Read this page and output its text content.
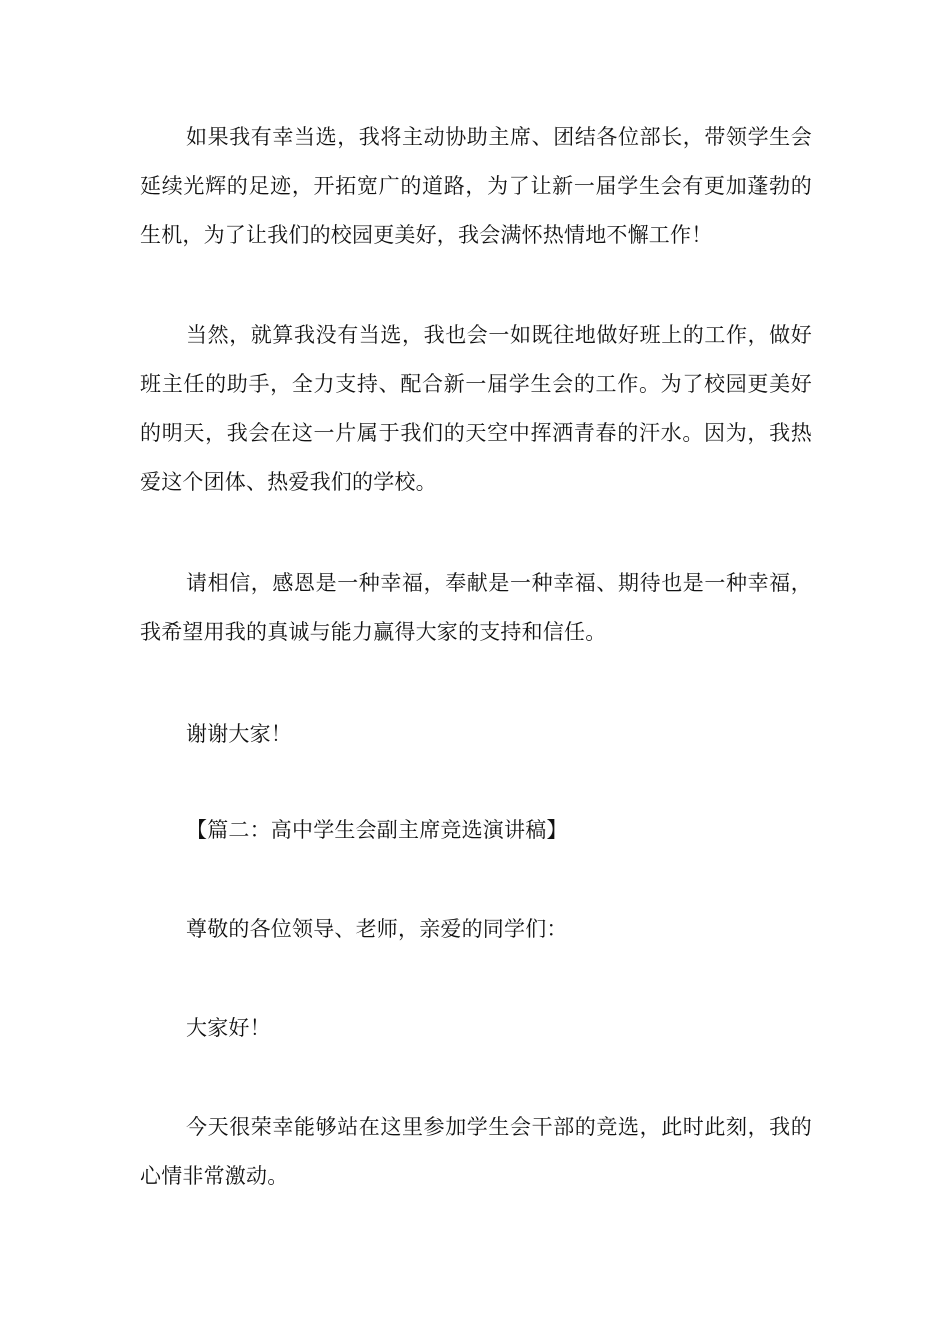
如果我有幸当选，我将主动协助主席、团结各位部长，带领学生会延续光辉的足迹，开拓宽广的道路，为了让新一届学生会有更加蓬勃的生机，为了让我们的校园更美好，我会满怀热情地不懈工作！

当然，就算我没有当选，我也会一如既往地做好班上的工作，做好班主任的助手，全力支持、配合新一届学生会的工作。为了校园更美好的明天，我会在这一片属于我们的天空中挥洒青春的汗水。因为，我热爱这个团体、热爱我们的学校。

请相信，感恩是一种幸福，奉献是一种幸福、期待也是一种幸福，我希望用我的真诚与能力赢得大家的支持和信任。

谢谢大家！

【篇二：高中学生会副主席竞选演讲稿】

尊敬的各位领导、老师，亲爱的同学们：

大家好！

今天很荣幸能够站在这里参加学生会干部的竞选，此时此刻，我的心情非常激动。
